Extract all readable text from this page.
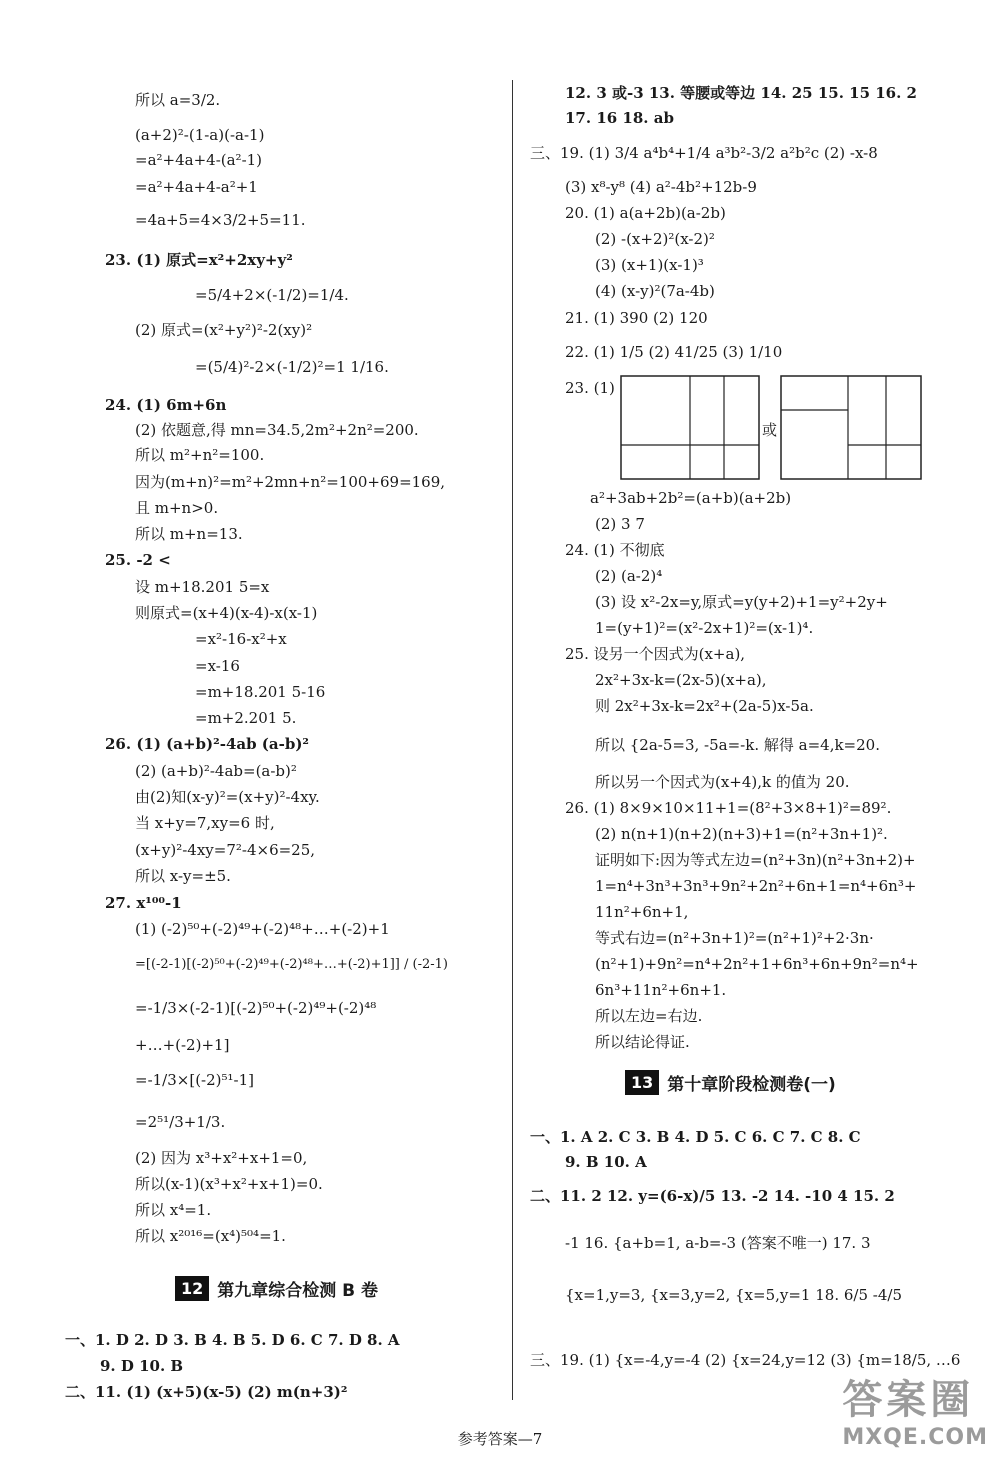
所以 a=3/2.
(a+2)²-(1-a)(-a-1)
=a²+4a+4-(a²-1)
=a²+4a+4-a²+1
=4a+5=4×3/2+5=11.
23. (1) 原式=x²+2xy+y²
=5/4+2×(-1/2)=1/4.
(2) 原式=(x²+y²)²-2(xy)²
=(5/4)²-2×(-1/2)²=1 1/16.
24. (1) 6m+6n
(2) 依题意,得 mn=34.5,2m²+2n²=200.
所以 m²+n²=100.
因为(m+n)²=m²+2mn+n²=100+69=169,
且 m+n>0.
所以 m+n=13.
25. -2 <
设 m+18.201 5=x
则原式=(x+4)(x-4)-x(x-1)
=x²-16-x²+x
=x-16
=m+18.201 5-16
=m+2.201 5.
26. (1) (a+b)²-4ab (a-b)²
(2) (a+b)²-4ab=(a-b)²
由(2)知(x-y)²=(x+y)²-4xy.
当 x+y=7,xy=6 时,
(x+y)²-4xy=7²-4×6=25,
所以 x-y=±5.
27. x¹⁰⁰-1
(1) (-2)⁵⁰+(-2)⁴⁹+(-2)⁴⁸+…+(-2)+1
=[(-2-1)[(-2)⁵⁰+(-2)⁴⁹+(-2)⁴⁸+…+(-2)+1]] / (-2-1)
=-1/3×(-2-1)[(-2)⁵⁰+(-2)⁴⁹+(-2)⁴⁸
+…+(-2)+1]
=-1/3×[(-2)⁵¹-1]
=2⁵¹/3+1/3.
(2) 因为 x³+x²+x+1=0,
所以(x-1)(x³+x²+x+1)=0.
所以 x⁴=1.
所以 x²⁰¹⁶=(x⁴)⁵⁰⁴=1.
12 第九章综合检测 B 卷
一、1. D 2. D 3. B 4. B 5. D 6. C 7. D 8. A
9. D 10. B
二、11. (1) (x+5)(x-5) (2) m(n+3)²
12. 3 或-3 13. 等腰或等边 14. 25 15. 15 16. 2
17. 16 18. ab
三、19. (1) 3/4 a⁴b⁴+1/4 a³b²-3/2 a²b²c (2) -x-8
(3) x⁸-y⁸ (4) a²-4b²+12b-9
20. (1) a(a+2b)(a-2b)
(2) -(x+2)²(x-2)²
(3) (x+1)(x-1)³
(4) (x-y)²(7a-4b)
21. (1) 390 (2) 120
22. (1) 1/5 (2) 41/25 (3) 1/10
23. (1)
或
a²+3ab+2b²=(a+b)(a+2b)
(2) 3 7
24. (1) 不彻底
(2) (a-2)⁴
(3) 设 x²-2x=y,原式=y(y+2)+1=y²+2y+
1=(y+1)²=(x²-2x+1)²=(x-1)⁴.
25. 设另一个因式为(x+a),
2x²+3x-k=(2x-5)(x+a),
则 2x²+3x-k=2x²+(2a-5)x-5a.
所以 {2a-5=3, -5a=-k. 解得 a=4,k=20.
所以另一个因式为(x+4),k 的值为 20.
26. (1) 8×9×10×11+1=(8²+3×8+1)²=89².
(2) n(n+1)(n+2)(n+3)+1=(n²+3n+1)².
证明如下:因为等式左边=(n²+3n)(n²+3n+2)+
1=n⁴+3n³+3n³+9n²+2n²+6n+1=n⁴+6n³+
11n²+6n+1,
等式右边=(n²+3n+1)²=(n²+1)²+2·3n·
(n²+1)+9n²=n⁴+2n²+1+6n³+6n+9n²=n⁴+
6n³+11n²+6n+1.
所以左边=右边.
所以结论得证.
13 第十章阶段检测卷(一)
一、1. A 2. C 3. B 4. D 5. C 6. C 7. C 8. C
9. B 10. A
二、11. 2 12. y=(6-x)/5 13. -2 14. -10 4 15. 2
-1 16. {a+b=1, a-b=-3 (答案不唯一) 17. 3
{x=1,y=3, {x=3,y=2, {x=5,y=1 18. 6/5 -4/5
三、19. (1) {x=-4,y=-4 (2) {x=24,y=12 (3) {m=18/5, …6
参考答案—7
答案圈
MXQE.COM
